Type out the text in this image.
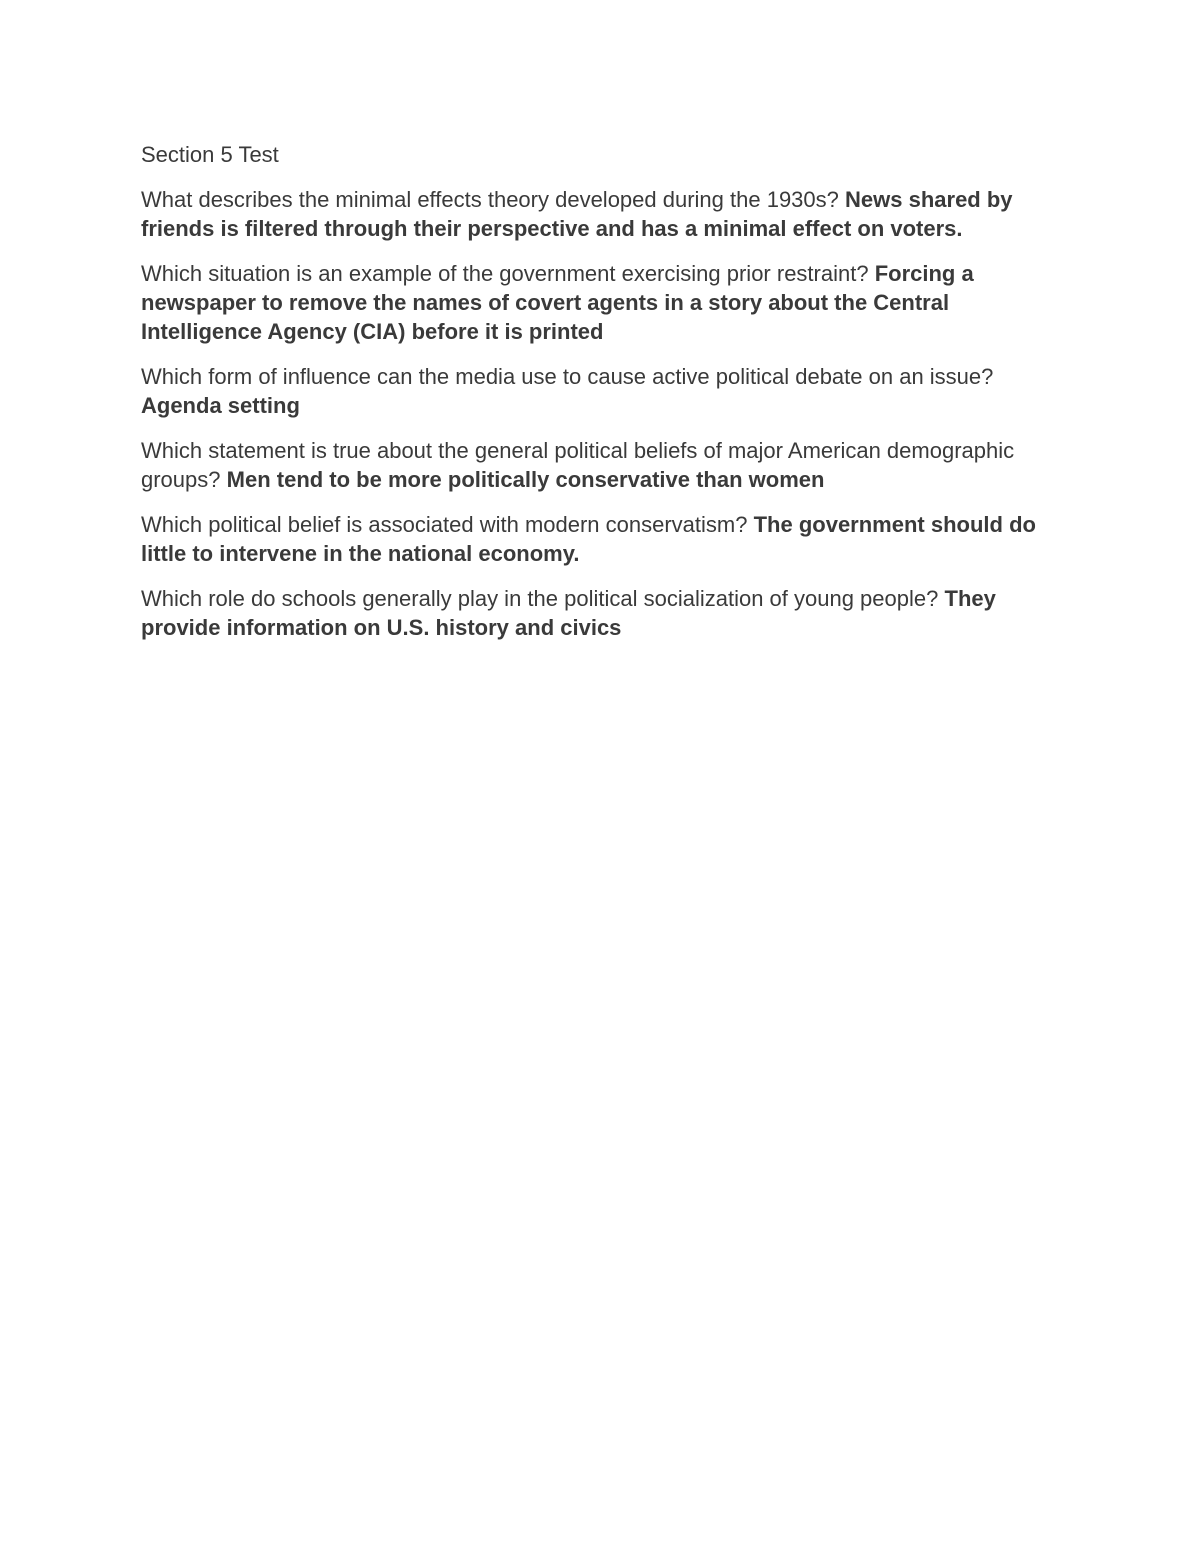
Section 5 Test

What describes the minimal effects theory developed during the 1930s? News shared by friends is filtered through their perspective and has a minimal effect on voters.

Which situation is an example of the government exercising prior restraint? Forcing a newspaper to remove the names of covert agents in a story about the Central Intelligence Agency (CIA) before it is printed

Which form of influence can the media use to cause active political debate on an issue? Agenda setting

Which statement is true about the general political beliefs of major American demographic groups? Men tend to be more politically conservative than women

Which political belief is associated with modern conservatism? The government should do little to intervene in the national economy.

Which role do schools generally play in the political socialization of young people? They provide information on U.S. history and civics
